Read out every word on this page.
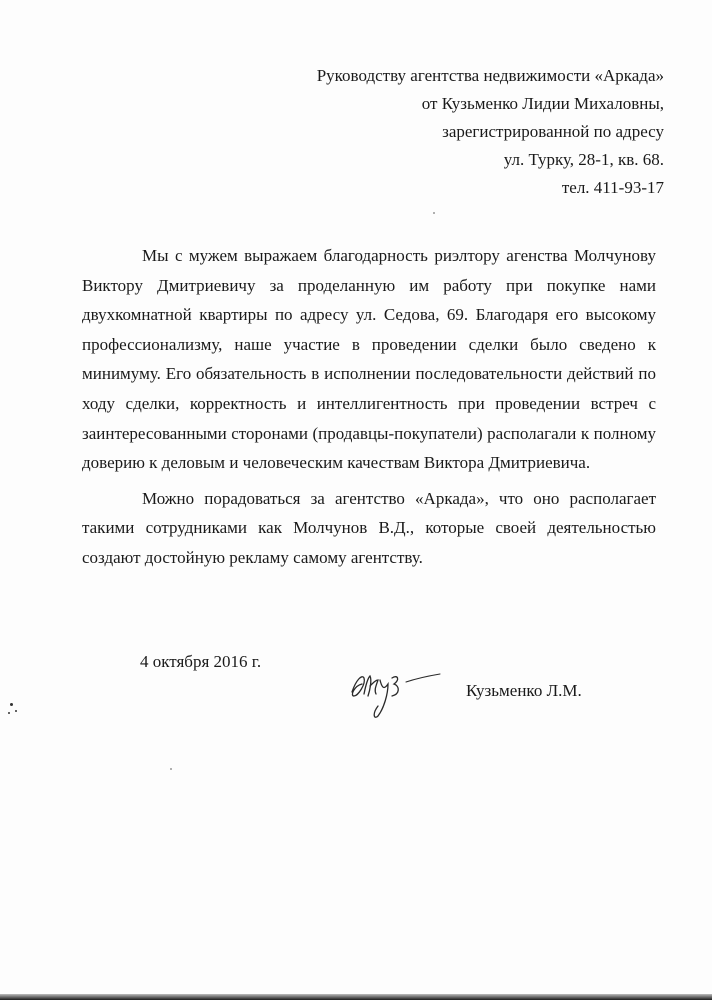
Руководству агентства недвижимости «Аркада»
от Кузьменко Лидии Михаловны,
зарегистрированной по адресу
ул. Турку, 28-1, кв. 68.
тел. 411-93-17

Мы с мужем выражаем благодарность риэлтору агенства Молчунову Виктору Дмитриевичу за проделанную им работу при покупке нами двухкомнатной квартиры по адресу ул. Седова, 69. Благодаря его высокому профессионализму, наше участие в проведении сделки было сведено к минимуму. Его обязательность в исполнении последовательности действий по ходу сделки, корректность и интеллигентность при проведении встреч с заинтересованными сторонами (продавцы-покупатели) располагали к полному доверию к деловым и человеческим качествам Виктора Дмитриевича.

Можно порадоваться за агентство «Аркада», что оно располагает такими сотрудниками как Молчунов В.Д., которые своей деятельностью создают достойную рекламу самому агентству.

4 октября 2016 г.
Кузьменко Л.М.
